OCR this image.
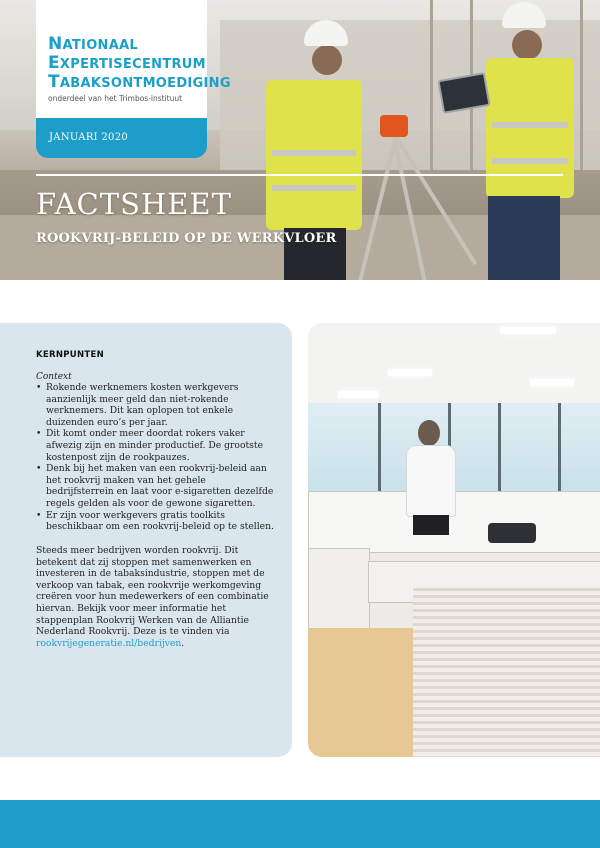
NATIONAAL
EXPERTISECENTRUM
TABAKSONTMOEDIGING
onderdeel van het Trimbos-instituut
JANUARI 2020
FACTSHEET
ROOKVRIJ-BELEID OP DE WERKVLOER
KERNPUNTEN
Context
• Rokende werknemers kosten werkgevers aanzienlijk meer geld dan niet-rokende werknemers. Dit kan oplopen tot enkele duizenden euro’s per jaar.
• Dit komt onder meer doordat rokers vaker afwezig zijn en minder productief. De grootste kostenpost zijn de rookpauzes.
• Denk bij het maken van een rookvrij-beleid aan het rookvrij maken van het gehele bedrijfsterrein en laat voor e-sigaretten dezelfde regels gelden als voor de gewone sigaretten.
• Er zijn voor werkgevers gratis toolkits beschikbaar om een rookvrij-beleid op te stellen.
Steeds meer bedrijven worden rookvrij. Dit betekent dat zij stoppen met samenwerken en investeren in de tabaksindustrie, stoppen met de verkoop van tabak, een rookvrije werkomgeving creëren voor hun medewerkers of een combinatie hiervan. Bekijk voor meer informatie het stappenplan Rookvrij Werken van de Alliantie Nederland Rookvrij. Deze is te vinden via rookvrijegeneratie.nl/bedrijven.
